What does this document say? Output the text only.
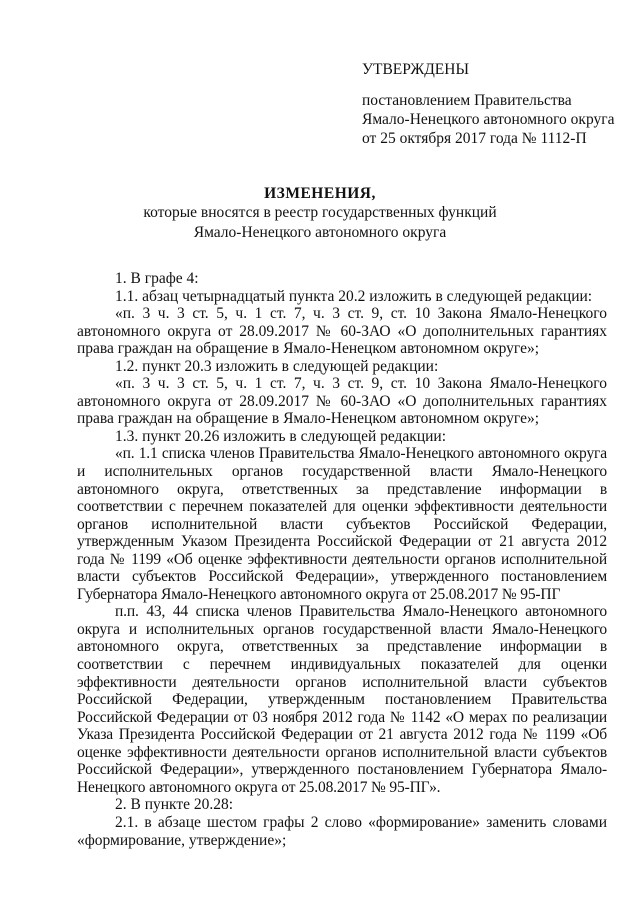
УТВЕРЖДЕНЫ
постановлением Правительства
Ямало-Ненецкого автономного округа
от 25 октября 2017 года № 1112-П
ИЗМЕНЕНИЯ,
которые вносятся в реестр государственных функций
Ямало-Ненецкого автономного округа

1. В графе 4:

1.1. абзац четырнадцатый пункта 20.2 изложить в следующей редакции:

«п. 3 ч. 3 ст. 5, ч. 1 ст. 7, ч. 3 ст. 9, ст. 10 Закона Ямало-Ненецкого автономного округа от 28.09.2017 № 60-ЗАО «О дополнительных гарантиях права граждан на обращение в Ямало-Ненецком автономном округе»;

1.2. пункт 20.3 изложить в следующей редакции:

«п. 3 ч. 3 ст. 5, ч. 1 ст. 7, ч. 3 ст. 9, ст. 10 Закона Ямало-Ненецкого автономного округа от 28.09.2017 № 60-ЗАО «О дополнительных гарантиях права граждан на обращение в Ямало-Ненецком автономном округе»;

1.3. пункт 20.26 изложить в следующей редакции:

«п. 1.1 списка членов Правительства Ямало-Ненецкого автономного округа и исполнительных органов государственной власти Ямало-Ненецкого автономного округа, ответственных за представление информации в соответствии с перечнем показателей для оценки эффективности деятельности органов исполнительной власти субъектов Российской Федерации, утвержденным Указом Президента Российской Федерации от 21 августа 2012 года № 1199 «Об оценке эффективности деятельности органов исполнительной власти субъектов Российской Федерации», утвержденного постановлением Губернатора Ямало-Ненецкого автономного округа от 25.08.2017 № 95-ПГ

п.п. 43, 44 списка членов Правительства Ямало-Ненецкого автономного округа и исполнительных органов государственной власти Ямало-Ненецкого автономного округа, ответственных за представление информации в соответствии с перечнем индивидуальных показателей для оценки эффективности деятельности органов исполнительной власти субъектов Российской Федерации, утвержденным постановлением Правительства Российской Федерации от 03 ноября 2012 года № 1142 «О мерах по реализации Указа Президента Российской Федерации от 21 августа 2012 года № 1199 «Об оценке эффективности деятельности органов исполнительной власти субъектов Российской Федерации», утвержденного постановлением Губернатора Ямало-Ненецкого автономного округа от 25.08.2017 № 95-ПГ».

2. В пункте 20.28:

2.1. в абзаце шестом графы 2 слово «формирование» заменить словами «формирование, утверждение»;
